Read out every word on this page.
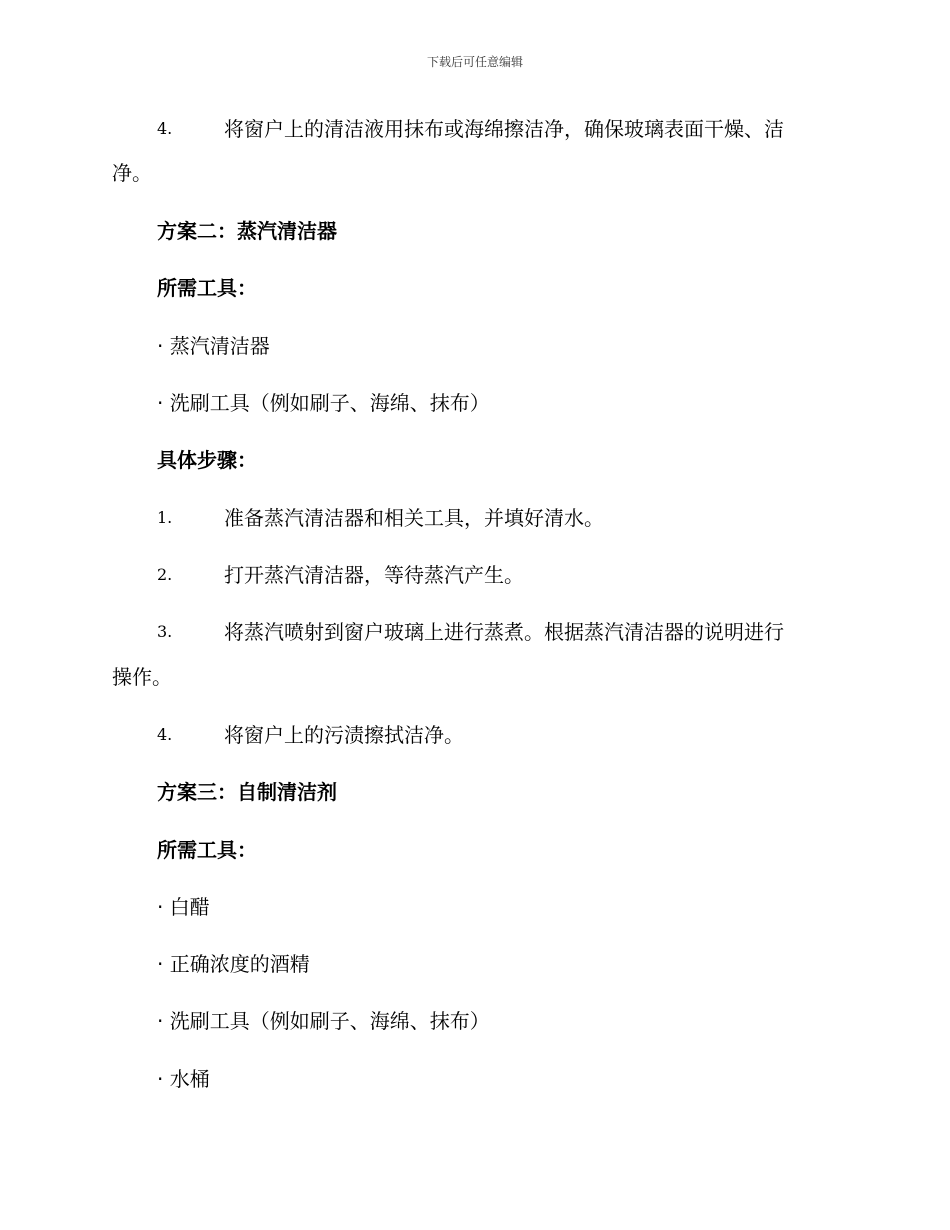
下载后可任意编辑
4.	将窗户上的清洁液用抹布或海绵擦洁净，确保玻璃表面干燥、洁
净。
方案二：蒸汽清洁器
所需工具：
· 蒸汽清洁器
· 洗刷工具（例如刷子、海绵、抹布）
具体步骤：
1.	准备蒸汽清洁器和相关工具，并填好清水。
2.	打开蒸汽清洁器，等待蒸汽产生。
3.	将蒸汽喷射到窗户玻璃上进行蒸煮。根据蒸汽清洁器的说明进行
操作。
4.	将窗户上的污渍擦拭洁净。
方案三：自制清洁剂
所需工具：
· 白醋
· 正确浓度的酒精
· 洗刷工具（例如刷子、海绵、抹布）
· 水桶
